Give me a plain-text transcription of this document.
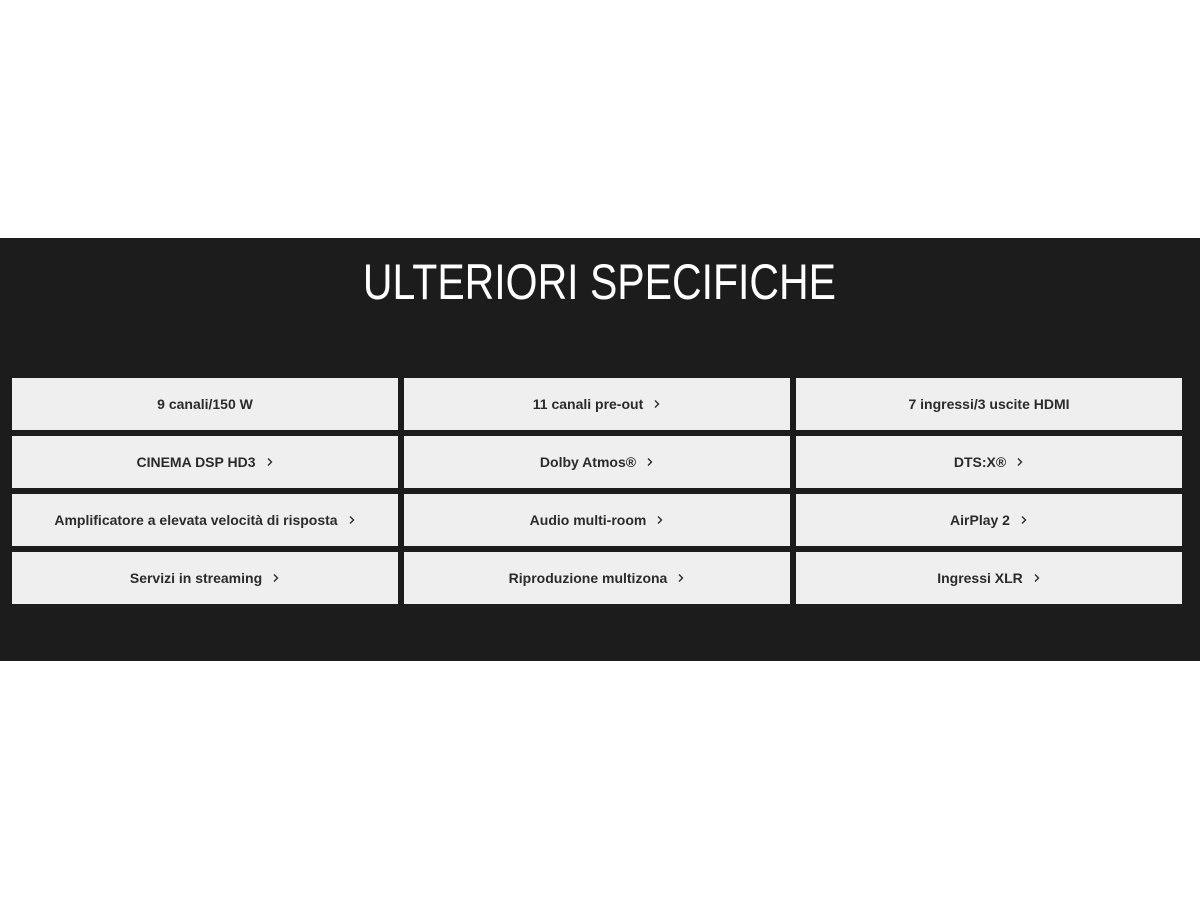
ULTERIORI SPECIFICHE
9 canali/150 W	11 canali pre-out	7 ingressi/3 uscite HDMI
CINEMA DSP HD3	Dolby Atmos®	DTS:X®
Amplificatore a elevata velocità di risposta	Audio multi-room	AirPlay 2
Servizi in streaming	Riproduzione multizona	Ingressi XLR
